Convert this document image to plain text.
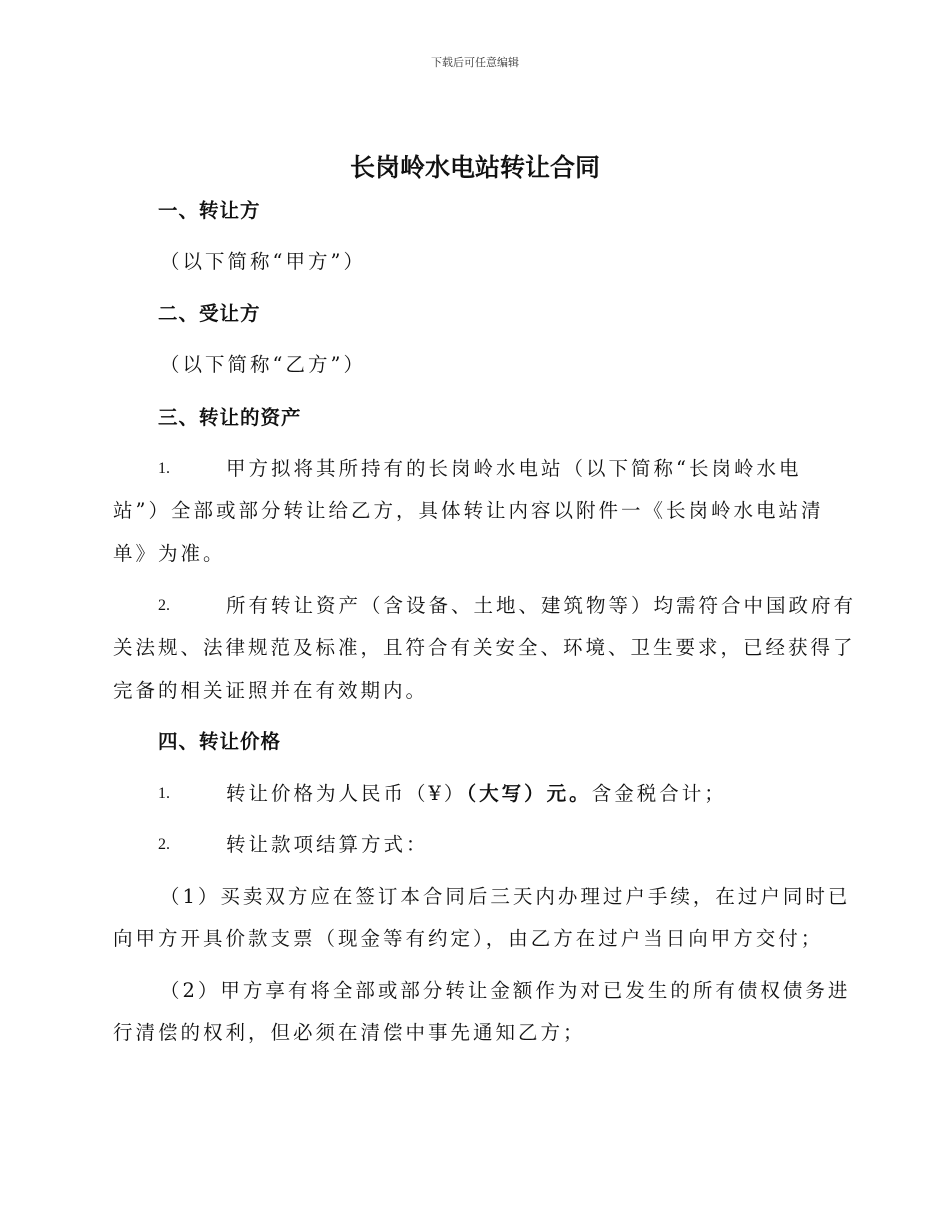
下载后可任意编辑
长岗岭水电站转让合同
一、转让方
（以下简称“甲方”）
二、受让方
（以下简称“乙方”）
三、转让的资产
1.	甲方拟将其所持有的长岗岭水电站（以下简称“长岗岭水电
站”）全部或部分转让给乙方，具体转让内容以附件一《长岗岭水电站清
单》为准。
2.	所有转让资产（含设备、土地、建筑物等）均需符合中国政府有
关法规、法律规范及标准，且符合有关安全、环境、卫生要求，已经获得了
完备的相关证照并在有效期内。
四、转让价格
1.	转让价格为人民币（¥）（大写）元。含金税合计；
2.	转让款项结算方式：
（1）买卖双方应在签订本合同后三天内办理过户手续，在过户同时已
向甲方开具价款支票（现金等有约定），由乙方在过户当日向甲方交付；
（2）甲方享有将全部或部分转让金额作为对已发生的所有债权债务进
行清偿的权利，但必须在清偿中事先通知乙方；
